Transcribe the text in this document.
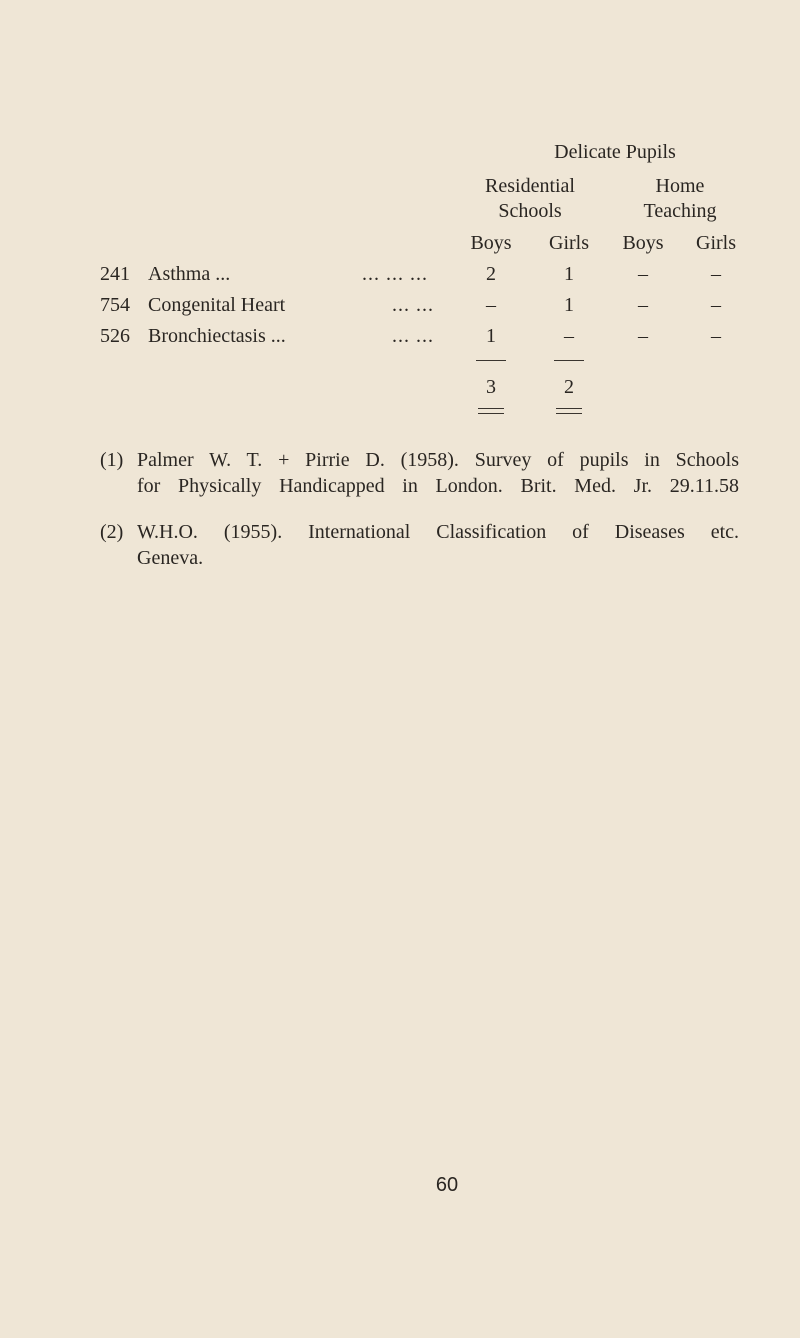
Delicate Pupils
Residential
Schools
Home
Teaching
Boys Girls Boys Girls
241 Asthma ...	... ... ...	2	1	–	–
754 Congenital Heart	... ...	–	1	–	–
526 Bronchiectasis ...	... ...	1	–	–	–
3	2
(1) Palmer W. T. + Pirrie D. (1958). Survey of pupils in Schools
for Physically Handicapped in London. Brit. Med. Jr. 29.11.58
(2) W.H.O. (1955). International Classification of Diseases etc.
Geneva.
60
